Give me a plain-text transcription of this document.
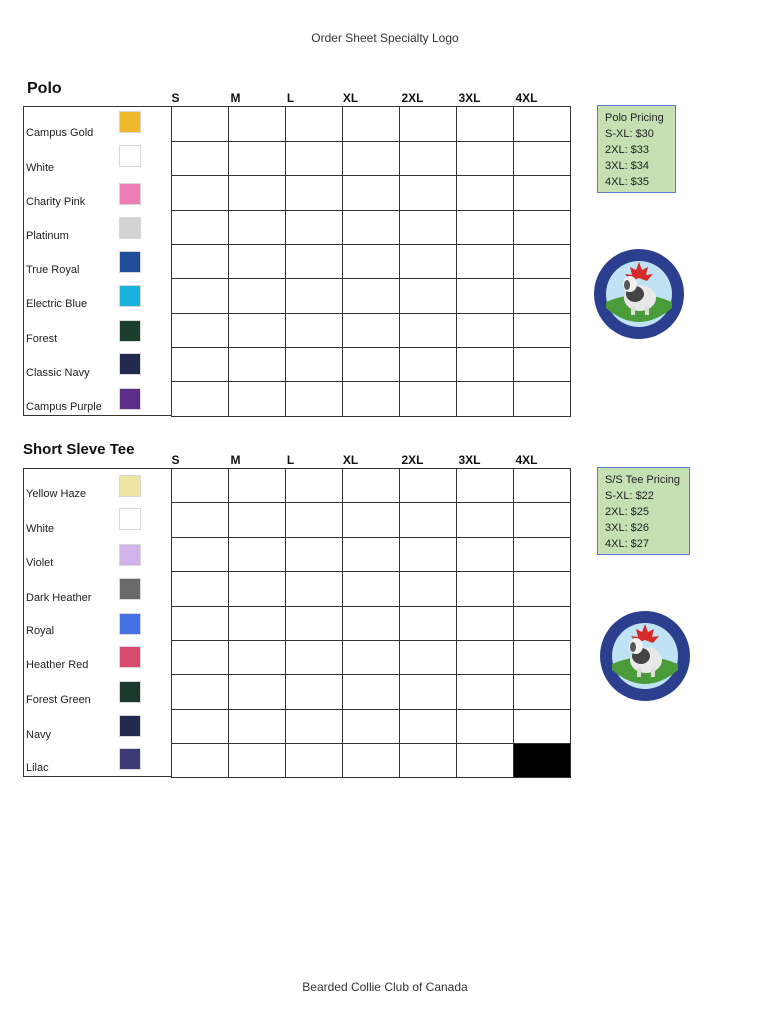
Order Sheet Specialty Logo
Polo
S	M	L	XL	2XL	3XL	4XL
Campus Gold
White
Charity Pink
Platinum
True Royal
Electric Blue
Forest
Classic Navy
Campus Purple

Polo Pricing
S-XL: $30
2XL: $33
3XL: $34
4XL: $35
Short Sleve Tee
S	M	L	XL	2XL	3XL	4XL
Yellow Haze
White
Violet
Dark Heather
Royal
Heather Red
Forest Green
Navy
Lilac

S/S Tee Pricing
S-XL: $22
2XL: $25
3XL: $26
4XL: $27
Bearded Collie Club of Canada
